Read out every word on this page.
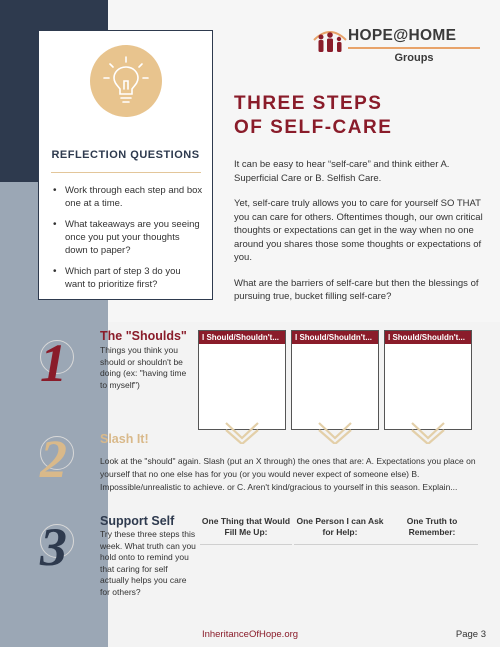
REFLECTION QUESTIONS
• Work through each step and box one at a time.
• What takeaways are you seeing once you put your thoughts down to paper?
• Which part of step 3 do you want to prioritize first?
HOPE@HOME
Groups
THREE STEPS
OF SELF-CARE

It can be easy to hear “self-care” and think either A. Superficial Care or B. Selfish Care.

Yet, self-care truly allows you to care for yourself SO THAT you can care for others. Oftentimes though, our own critical thoughts or expectations can get in the way when no one around you shares those some thoughts or expectations of you.

What are the barriers of self-care but then the blessings of pursuing true, bucket filling self-care?

1	The "Shoulds"
Things you think you should or shouldn't be doing (ex: "having time to myself")
I Should/Shouldn't...	I Should/Shouldn't...	I Should/Shouldn't...
2	Slash It!
Look at the "should" again. Slash (put an X through) the ones that are: A. Expectations you place on yourself that no one else has for you (or you would never expect of someone else) B. Impossible/unrealistic to achieve. or C. Aren't kind/gracious to yourself in this season. Explain...
3	Support Self
Try these three steps this week. What truth can you hold onto to remind you that caring for self actually helps you care for others?
One Thing that Would Fill Me Up:
One Person I can Ask for Help:
One Truth to Remember:
InheritanceOfHope.org	Page 3
